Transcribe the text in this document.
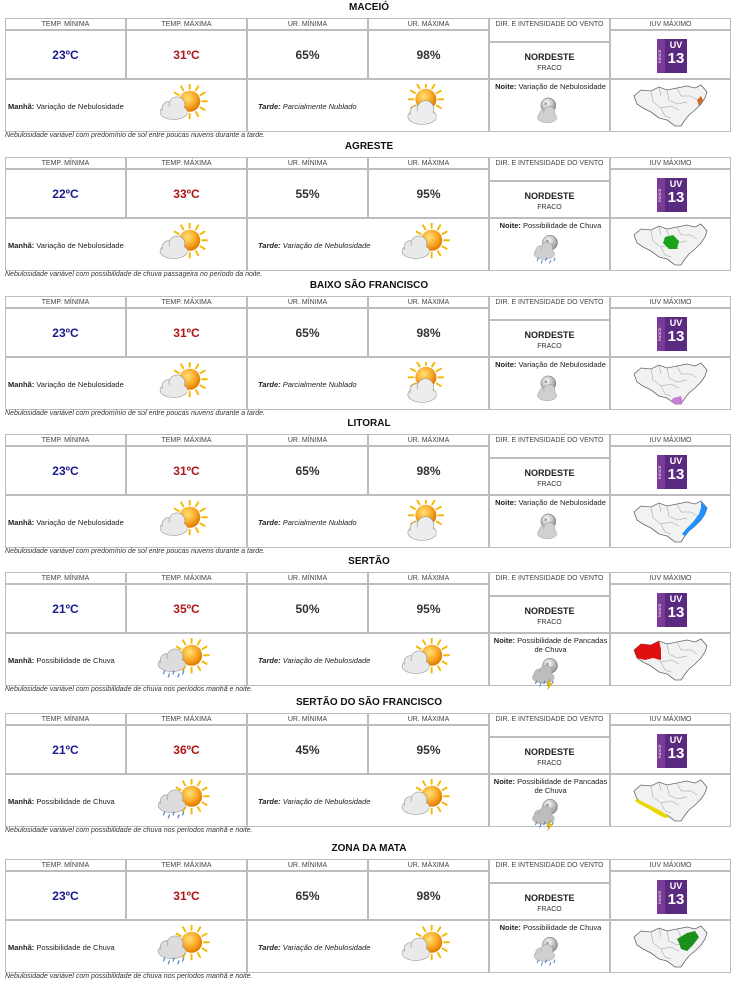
MACEIÓ
TEMP. MÍNIMA	TEMP. MÁXIMA	UR. MÍNIMA	UR. MÁXIMA	DIR. E INTENSIDADE DO VENTO	IUV MÁXIMO
23ºC	31ºC	65%	98%	NORDESTE
FRACO
ÍNDICE
UV
13
Manhã: Variação de Nebulosidade	Tarde: Parcialmente Nublado
Noite: Variação de Nebulosidade
Nebulosidade variável com predomínio de sol entre poucas nuvens durante a tarde.
AGRESTE
TEMP. MÍNIMA	TEMP. MÁXIMA	UR. MÍNIMA	UR. MÁXIMA	DIR. E INTENSIDADE DO VENTO	IUV MÁXIMO
22ºC	33ºC	55%	95%	NORDESTE
FRACO
ÍNDICE
UV
13
Manhã: Variação de Nebulosidade	Tarde: Variação de Nebulosidade
Noite: Possibilidade de Chuva
Nebulosidade variável com possibilidade de chuva passageira no período da noite.
BAIXO SÃO FRANCISCO
TEMP. MÍNIMA	TEMP. MÁXIMA	UR. MÍNIMA	UR. MÁXIMA	DIR. E INTENSIDADE DO VENTO	IUV MÁXIMO
23ºC	31ºC	65%	98%	NORDESTE
FRACO
ÍNDICE
UV
13
Manhã: Variação de Nebulosidade	Tarde: Parcialmente Nublado
Noite: Variação de Nebulosidade
Nebulosidade variável com predomínio de sol entre poucas nuvens durante a tarde.
LITORAL
TEMP. MÍNIMA	TEMP. MÁXIMA	UR. MÍNIMA	UR. MÁXIMA	DIR. E INTENSIDADE DO VENTO	IUV MÁXIMO
23ºC	31ºC	65%	98%	NORDESTE
FRACO
ÍNDICE
UV
13
Manhã: Variação de Nebulosidade	Tarde: Parcialmente Nublado
Noite: Variação de Nebulosidade
Nebulosidade variável com predomínio de sol entre poucas nuvens durante a tarde.
SERTÃO
TEMP. MÍNIMA	TEMP. MÁXIMA	UR. MÍNIMA	UR. MÁXIMA	DIR. E INTENSIDADE DO VENTO	IUV MÁXIMO
21ºC	35ºC	50%	95%	NORDESTE
FRACO
ÍNDICE
UV
13
Manhã: Possibilidade de Chuva	Tarde: Variação de Nebulosidade
Noite: Possibilidade de Pancadas de Chuva
Nebulosidade variável com possibilidade de chuva nos períodos manhã e noite.
SERTÃO DO SÃO FRANCISCO
TEMP. MÍNIMA	TEMP. MÁXIMA	UR. MÍNIMA	UR. MÁXIMA	DIR. E INTENSIDADE DO VENTO	IUV MÁXIMO
21ºC	36ºC	45%	95%	NORDESTE
FRACO
ÍNDICE
UV
13
Manhã: Possibilidade de Chuva	Tarde: Variação de Nebulosidade
Noite: Possibilidade de Pancadas de Chuva
Nebulosidade variável com possibilidade de chuva nos períodos manhã e noite.
ZONA DA MATA
TEMP. MÍNIMA	TEMP. MÁXIMA	UR. MÍNIMA	UR. MÁXIMA	DIR. E INTENSIDADE DO VENTO	IUV MÁXIMO
23ºC	31ºC	65%	98%	NORDESTE
FRACO
ÍNDICE
UV
13
Manhã: Possibilidade de Chuva	Tarde: Variação de Nebulosidade
Noite: Possibilidade de Chuva
Nebulosidade variável com possibilidade de chuva nos períodos manhã e noite.
